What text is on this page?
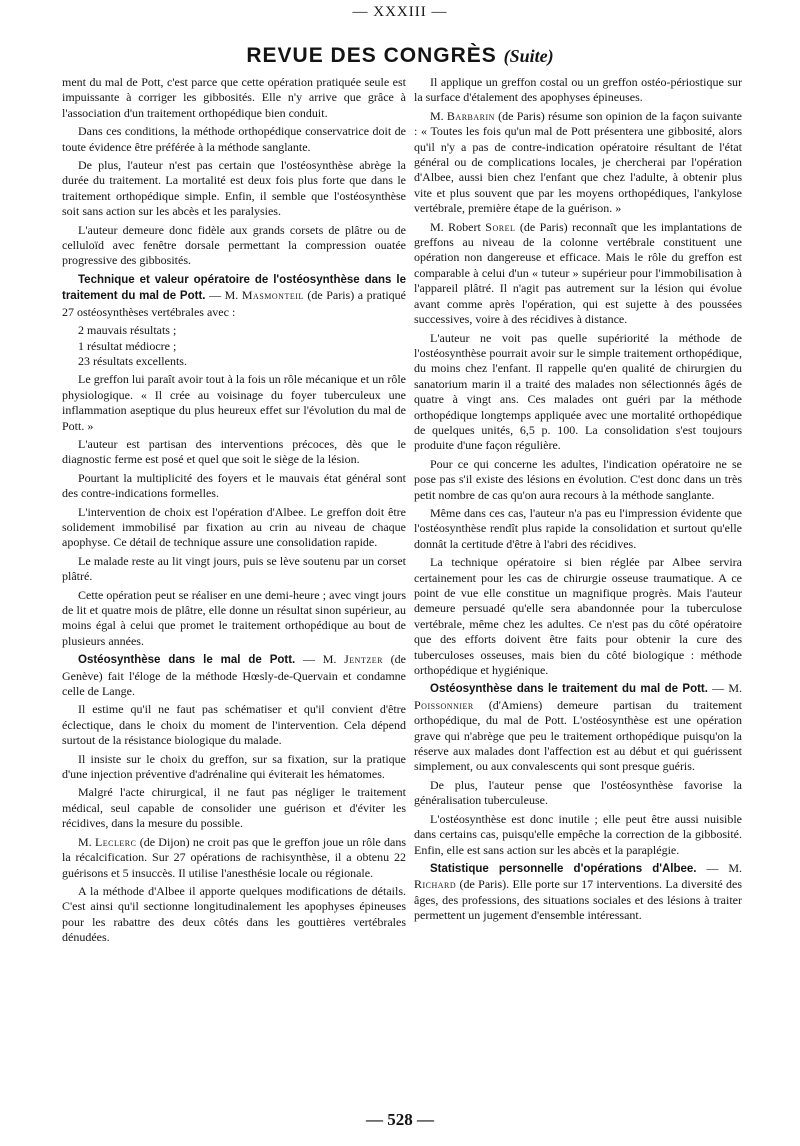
— XXXIII —
REVUE DES CONGRÈS (Suite)

ment du mal de Pott, c'est parce que cette opération pratiquée seule est impuissante à corriger les gibbosités. Elle n'y arrive que grâce à l'association d'un traitement orthopédique bien conduit.

Dans ces conditions, la méthode orthopédique conservatrice doit de toute évidence être préférée à la méthode sanglante.

De plus, l'auteur n'est pas certain que l'ostéosynthèse abrège la durée du traitement. La mortalité est deux fois plus forte que dans le traitement orthopédique simple. Enfin, il semble que l'ostéosynthèse soit sans action sur les abcès et les paralysies.

L'auteur demeure donc fidèle aux grands corsets de plâtre ou de celluloïd avec fenêtre dorsale permettant la compression ouatée progressive des gibbosités.

Technique et valeur opératoire de l'ostéosynthèse dans le traitement du mal de Pott. — M. Masmonteil (de Paris) a pratiqué 27 ostéosynthèses vertébrales avec :

2 mauvais résultats ;

1 résultat médiocre ;

23 résultats excellents.

Le greffon lui paraît avoir tout à la fois un rôle mécanique et un rôle physiologique. « Il crée au voisinage du foyer tuberculeux une inflammation aseptique du plus heureux effet sur l'évolution du mal de Pott. »

L'auteur est partisan des interventions précoces, dès que le diagnostic ferme est posé et quel que soit le siège de la lésion.

Pourtant la multiplicité des foyers et le mauvais état général sont des contre-indications formelles.

L'intervention de choix est l'opération d'Albee. Le greffon doit être solidement immobilisé par fixation au crin au niveau de chaque apophyse. Ce détail de technique assure une consolidation rapide.

Le malade reste au lit vingt jours, puis se lève soutenu par un corset plâtré.

Cette opération peut se réaliser en une demi-heure ; avec vingt jours de lit et quatre mois de plâtre, elle donne un résultat sinon supérieur, au moins égal à celui que promet le traitement orthopédique au bout de plusieurs années.

Ostéosynthèse dans le mal de Pott. — M. Jentzer (de Genève) fait l'éloge de la méthode Hœsly-de-Quervain et condamne celle de Lange.

Il estime qu'il ne faut pas schématiser et qu'il convient d'être éclectique, dans le choix du moment de l'intervention. Cela dépend surtout de la résistance biologique du malade.

Il insiste sur le choix du greffon, sur sa fixation, sur la pratique d'une injection préventive d'adrénaline qui éviterait les hématomes.

Malgré l'acte chirurgical, il ne faut pas négliger le traitement médical, seul capable de consolider une guérison et d'éviter les récidives, dans la mesure du possible.

M. Leclerc (de Dijon) ne croit pas que le greffon joue un rôle dans la récalcification. Sur 27 opérations de rachisynthèse, il a obtenu 22 guérisons et 5 insuccès. Il utilise l'anesthésie locale ou régionale.

A la méthode d'Albee il apporte quelques modifications de détails. C'est ainsi qu'il sectionne longitudinalement les apophyses épineuses pour les rabattre des deux côtés dans les gouttières vertébrales dénudées.

Il applique un greffon costal ou un greffon ostéo-périostique sur la surface d'étalement des apophyses épineuses.

M. Barbarin (de Paris) résume son opinion de la façon suivante : « Toutes les fois qu'un mal de Pott présentera une gibbosité, alors qu'il n'y a pas de contre-indication opératoire résultant de l'état général ou de complications locales, je chercherai par l'opération d'Albee, aussi bien chez l'enfant que chez l'adulte, à obtenir plus vite et plus souvent que par les moyens orthopédiques, l'ankylose vertébrale, première étape de la guérison. »

M. Robert Sorel (de Paris) reconnaît que les implantations de greffons au niveau de la colonne vertébrale constituent une opération non dangereuse et efficace. Mais le rôle du greffon est comparable à celui d'un « tuteur » supérieur pour l'immobilisation à l'appareil plâtré. Il n'agit pas autrement sur la lésion qui évolue avant comme après l'opération, qui est sujette à des poussées successives, voire à des récidives à distance.

L'auteur ne voit pas quelle supériorité la méthode de l'ostéosynthèse pourrait avoir sur le simple traitement orthopédique, du moins chez l'enfant. Il rappelle qu'en qualité de chirurgien du sanatorium marin il a traité des malades non sélectionnés âgés de quatre à vingt ans. Ces malades ont guéri par la méthode orthopédique longtemps appliquée avec une mortalité orthopédique de quelques unités, 6,5 p. 100. La consolidation s'est toujours produite d'une façon régulière.

Pour ce qui concerne les adultes, l'indication opératoire ne se pose pas s'il existe des lésions en évolution. C'est donc dans un très petit nombre de cas qu'on aura recours à la méthode sanglante.

Même dans ces cas, l'auteur n'a pas eu l'impression évidente que l'ostéosynthèse rendît plus rapide la consolidation et surtout qu'elle donnât la certitude d'être à l'abri des récidives.

La technique opératoire si bien réglée par Albee servira certainement pour les cas de chirurgie osseuse traumatique. A ce point de vue elle constitue un magnifique progrès. Mais l'auteur demeure persuadé qu'elle sera abandonnée pour la tuberculose vertébrale, même chez les adultes. Ce n'est pas du côté opératoire que des efforts doivent être faits pour obtenir la cure des tuberculoses osseuses, mais bien du côté biologique : méthode orthopédique et hygiénique.

Ostéosynthèse dans le traitement du mal de Pott. — M. Poissonnier (d'Amiens) demeure partisan du traitement orthopédique, du mal de Pott. L'ostéosynthèse est une opération grave qui n'abrège que peu le traitement orthopédique puisqu'on la réserve aux malades dont l'affection est au début et qui guérissent simplement, ou aux convalescents qui sont presque guéris.

De plus, l'auteur pense que l'ostéosynthèse favorise la généralisation tuberculeuse.

L'ostéosynthèse est donc inutile ; elle peut être aussi nuisible dans certains cas, puisqu'elle empêche la correction de la gibbosité. Enfin, elle est sans action sur les abcès et la paraplégie.

Statistique personnelle d'opérations d'Albee. — M. Richard (de Paris). Elle porte sur 17 interventions. La diversité des âges, des professions, des situations sociales et des lésions à traiter permettent un jugement d'ensemble intéressant.

— 528 —
